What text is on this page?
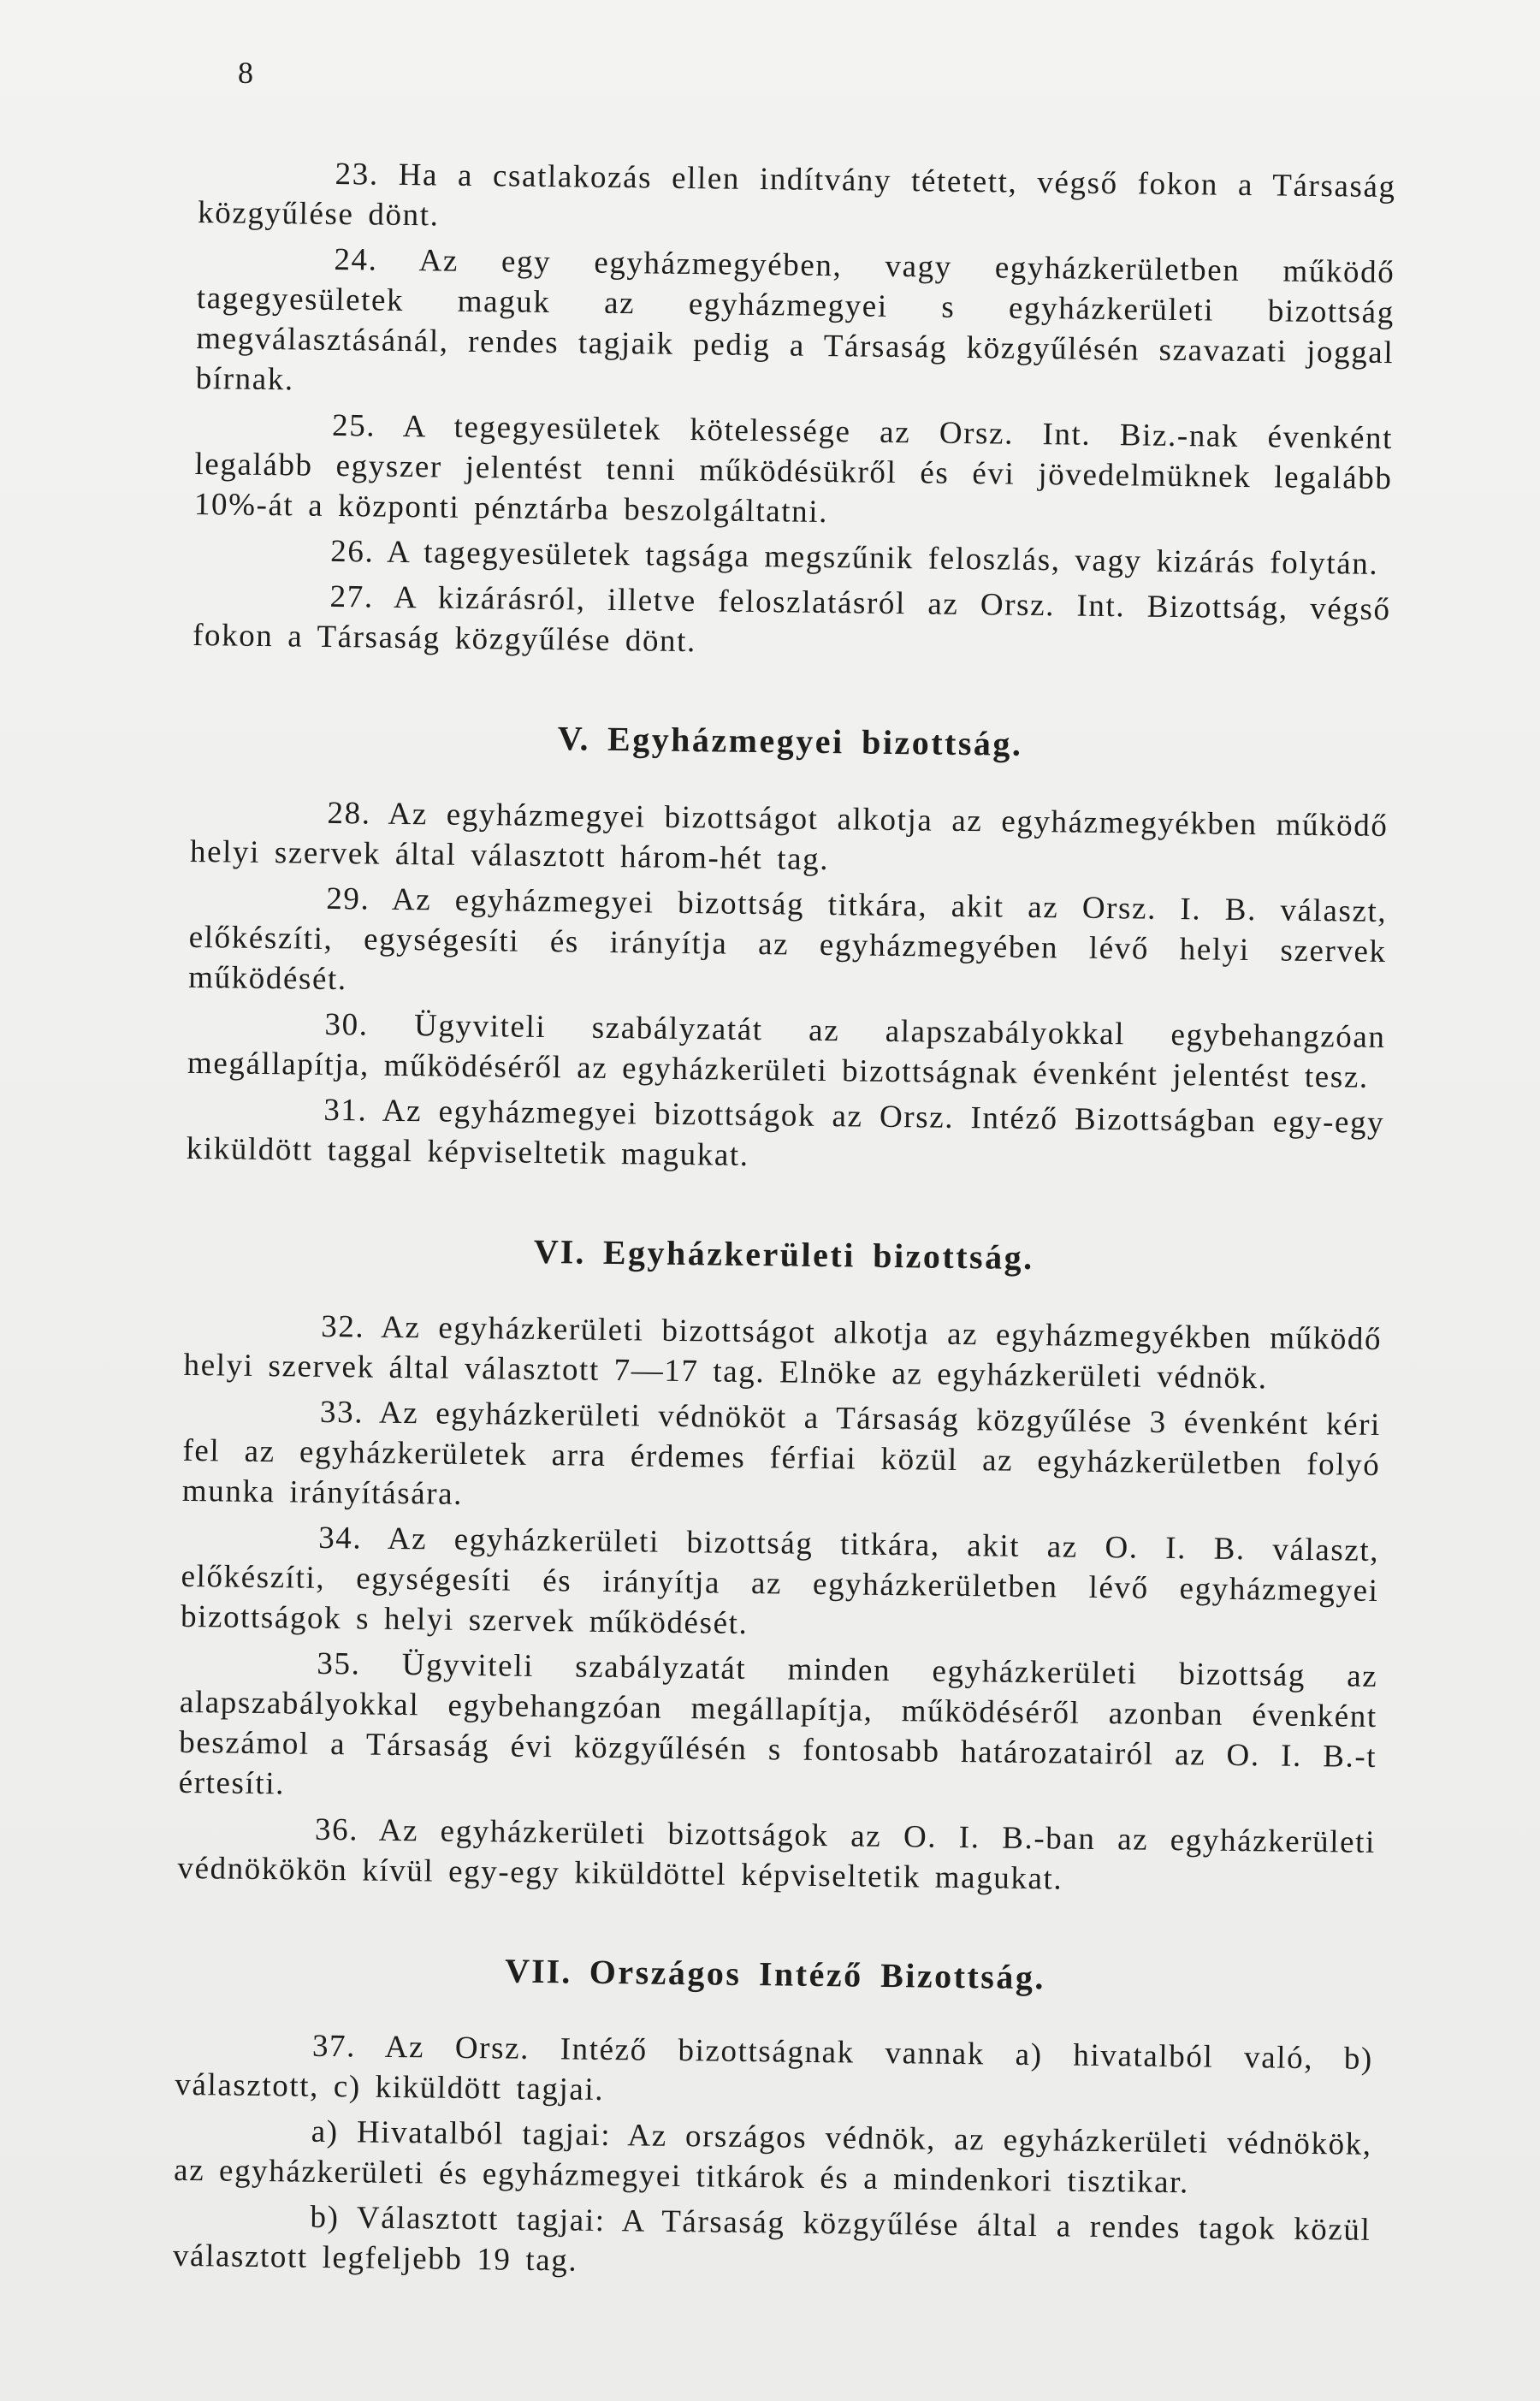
8

23. Ha a csatlakozás ellen indítvány tétetett, végső fokon a Társaság közgyűlése dönt.

24. Az egy egyházmegyében, vagy egyházkerületben működő tagegyesületek maguk az egyházmegyei s egyházkerületi bizottság megválasztásánál, rendes tagjaik pedig a Társaság közgyűlésén szavazati joggal bírnak.

25. A tegegyesületek kötelessége az Orsz. Int. Biz.-nak évenként legalább egyszer jelentést tenni működésükről és évi jövedelmüknek legalább 10%-át a központi pénztárba beszolgáltatni.

26. A tagegyesületek tagsága megszűnik feloszlás, vagy kizárás folytán.

27. A kizárásról, illetve feloszlatásról az Orsz. Int. Bizottság, végső fokon a Társaság közgyűlése dönt.

V. Egyházmegyei bizottság.

28. Az egyházmegyei bizottságot alkotja az egyházmegyékben működő helyi szervek által választott három-hét tag.

29. Az egyházmegyei bizottság titkára, akit az Orsz. I. B. választ, előkészíti, egységesíti és irányítja az egyházmegyében lévő helyi szervek működését.

30. Ügyviteli szabályzatát az alapszabályokkal egybehangzóan megállapítja, működéséről az egyházkerületi bizottságnak évenként jelentést tesz.

31. Az egyházmegyei bizottságok az Orsz. Intéző Bizottságban egy-egy kiküldött taggal képviseltetik magukat.

VI. Egyházkerületi bizottság.

32. Az egyházkerületi bizottságot alkotja az egyházmegyékben működő helyi szervek által választott 7—17 tag. Elnöke az egyházkerületi védnök.

33. Az egyházkerületi védnököt a Társaság közgyűlése 3 évenként kéri fel az egyházkerületek arra érdemes férfiai közül az egyházkerületben folyó munka irányítására.

34. Az egyházkerületi bizottság titkára, akit az O. I. B. választ, előkészíti, egységesíti és irányítja az egyházkerületben lévő egyházmegyei bizottságok s helyi szervek működését.

35. Ügyviteli szabályzatát minden egyházkerületi bizottság az alapszabályokkal egybehangzóan megállapítja, működéséről azonban évenként beszámol a Társaság évi közgyűlésén s fontosabb határozatairól az O. I. B.-t értesíti.

36. Az egyházkerületi bizottságok az O. I. B.-ban az egyházkerületi védnökökön kívül egy-egy kiküldöttel képviseltetik magukat.

VII. Országos Intéző Bizottság.

37. Az Orsz. Intéző bizottságnak vannak a) hivatalból való, b) választott, c) kiküldött tagjai.

a) Hivatalból tagjai: Az országos védnök, az egyházkerületi védnökök, az egyházkerületi és egyházmegyei titkárok és a mindenkori tisztikar.

b) Választott tagjai: A Társaság közgyűlése által a rendes tagok közül választott legfeljebb 19 tag.
